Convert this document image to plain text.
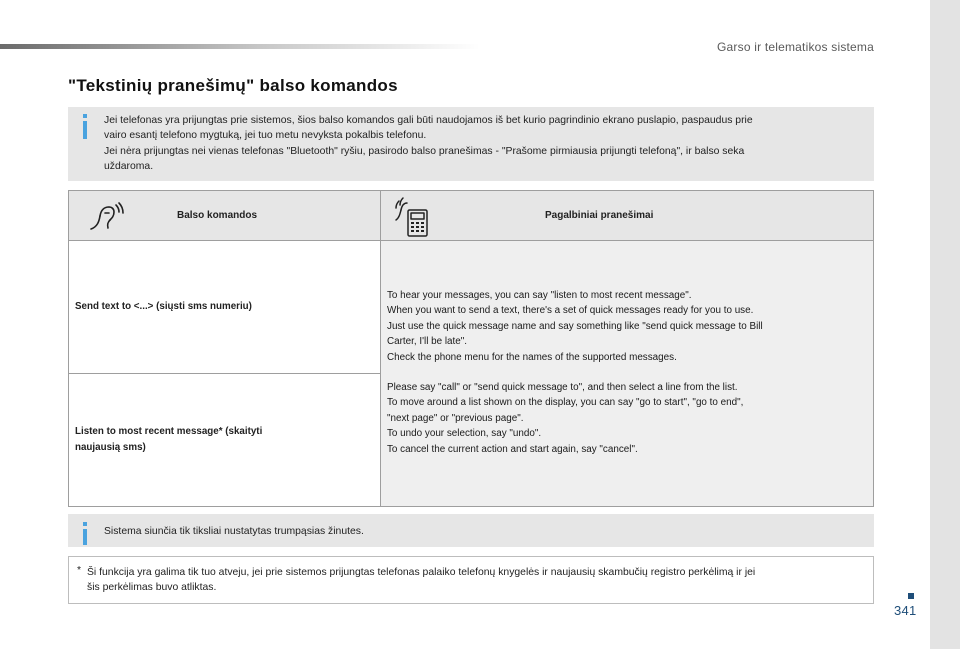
Garso ir telematikos sistema
"Tekstinių pranešimų" balso komandos
Jei telefonas yra prijungtas prie sistemos, šios balso komandos gali būti naudojamos iš bet kurio pagrindinio ekrano puslapio, paspaudus prie
vairo esantį telefono mygtuką, jei tuo metu nevyksta pokalbis telefonu.
Jei nėra prijungtas nei vienas telefonas "Bluetooth" ryšiu, pasirodo balso pranešimas - "Prašome pirmiausia prijungti telefoną", ir balso seka
uždaroma.
Balso komandos	Pagalbiniai pranešimai
Send text to <...> (siųsti sms numeriu)
Listen to most recent message* (skaityti
naujausią sms)
To hear your messages, you can say "listen to most recent message".
When you want to send a text, there's a set of quick messages ready for you to use.
Just use the quick message name and say something like "send quick message to Bill
Carter, I'll be late".
Check the phone menu for the names of the supported messages.
Please say "call" or "send quick message to", and then select a line from the list.
To move around a list shown on the display, you can say "go to start", "go to end",
"next page" or "previous page".
To undo your selection, say "undo".
To cancel the current action and start again, say "cancel".
Sistema siunčia tik tiksliai nustatytas trumpąsias žinutes.
* Ši funkcija yra galima tik tuo atveju, jei prie sistemos prijungtas telefonas palaiko telefonų knygelės ir naujausių skambučių registro perkėlimą ir jei
šis perkėlimas buvo atliktas.
341
